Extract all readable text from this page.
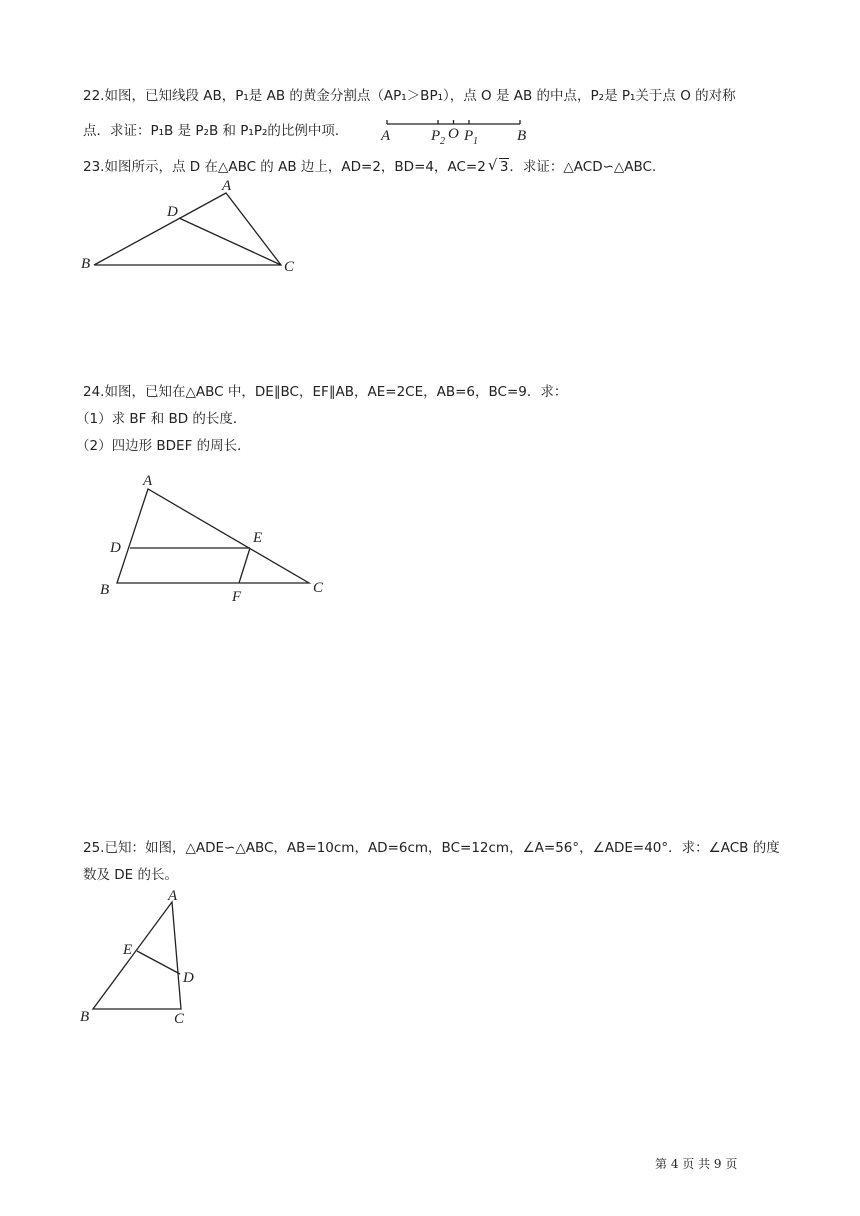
22.如图，已知线段 AB，P₁是 AB 的黄金分割点（AP₁＞BP₁），点 O 是 AB 的中点，P₂是 P₁关于点 O 的对称
点．求证：P₁B 是 P₂B 和 P₁P₂的比例中项． A	P 2 O P 1	B
23.如图所示，点 D 在△ABC 的 AB 边上，AD=2，BD=4，AC=2√ 3．求证：△ACD∽△ABC．
A
D
B	C
24.如图，已知在△ABC 中，DE∥BC，EF∥AB，AE=2CE，AB=6，BC=9．求：
（1）求 BF 和 BD 的长度．
（2）四边形 BDEF 的周长．
A
D
E
B	F
C
25.已知：如图，△ADE∽△ABC，AB=10cm，AD=6cm，BC=12cm，∠A=56°，∠ADE=40°．求：∠ACB 的度
数及 DE 的长。
A
E
D
B	C
第 4 页 共 9 页
